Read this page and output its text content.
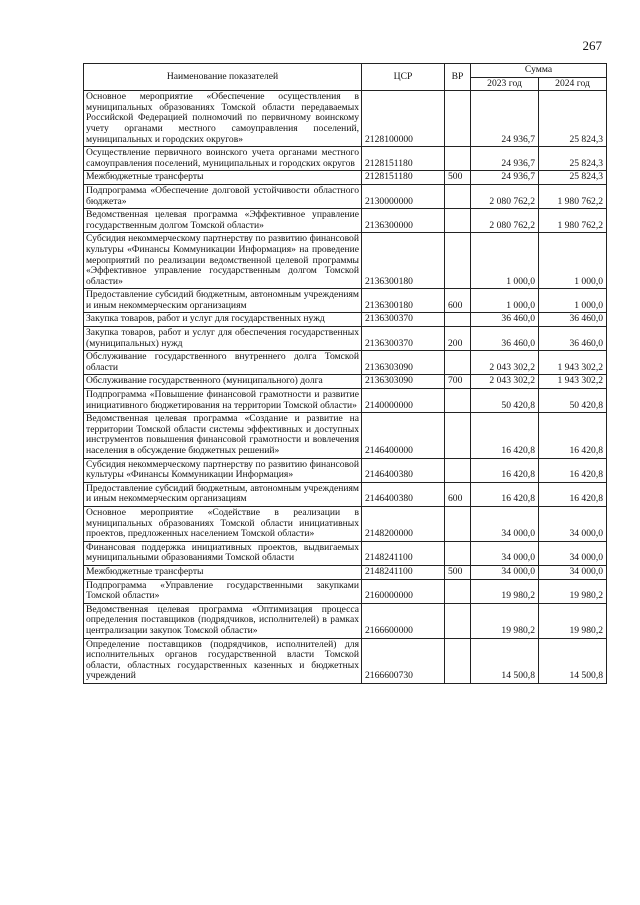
267
Наименование показателей	ЦСР	ВР	Сумма	
			2023 год	2024 год
Основное мероприятие «Обеспечение осуществления в муниципальных образованиях Томской области передаваемых Российской Федерацией полномочий по первичному воинскому учету органами местного самоуправления поселений, муниципальных и городских округов»	2128100000		24 936,7	25 824,3
Осуществление первичного воинского учета органами местного самоуправления поселений, муниципальных и городских округов	2128151180		24 936,7	25 824,3
Межбюджетные трансферты	2128151180	500	24 936,7	25 824,3
Подпрограмма «Обеспечение долговой устойчивости областного бюджета»	2130000000		2 080 762,2	1 980 762,2
Ведомственная целевая программа «Эффективное управление государственным долгом Томской области»	2136300000		2 080 762,2	1 980 762,2
Субсидия некоммерческому партнерству по развитию финансовой культуры «Финансы Коммуникации Информация» на проведение мероприятий по реализации ведомственной целевой программы «Эффективное управление государственным долгом Томской области»	2136300180		1 000,0	1 000,0
Предоставление субсидий бюджетным, автономным учреждениям и иным некоммерческим организациям	2136300180	600	1 000,0	1 000,0
Закупка товаров, работ и услуг для государственных нужд	2136300370		36 460,0	36 460,0
Закупка товаров, работ и услуг для обеспечения государственных (муниципальных) нужд	2136300370	200	36 460,0	36 460,0
Обслуживание государственного внутреннего долга Томской области	2136303090		2 043 302,2	1 943 302,2
Обслуживание государственного (муниципального) долга	2136303090	700	2 043 302,2	1 943 302,2
Подпрограмма «Повышение финансовой грамотности и развитие инициативного бюджетирования на территории Томской области»	2140000000		50 420,8	50 420,8
Ведомственная целевая программа «Создание и развитие на территории Томской области системы эффективных и доступных инструментов повышения финансовой грамотности и вовлечения населения в обсуждение бюджетных решений»	2146400000		16 420,8	16 420,8
Субсидия некоммерческому партнерству по развитию финансовой культуры «Финансы Коммуникации Информация»	2146400380		16 420,8	16 420,8
Предоставление субсидий бюджетным, автономным учреждениям и иным некоммерческим организациям	2146400380	600	16 420,8	16 420,8
Основное мероприятие «Содействие в реализации в муниципальных образованиях Томской области инициативных проектов, предложенных населением Томской области»	2148200000		34 000,0	34 000,0
Финансовая поддержка инициативных проектов, выдвигаемых муниципальными образованиями Томской области	2148241100		34 000,0	34 000,0
Межбюджетные трансферты	2148241100	500	34 000,0	34 000,0
Подпрограмма «Управление государственными закупками Томской области»	2160000000		19 980,2	19 980,2
Ведомственная целевая программа «Оптимизация процесса определения поставщиков (подрядчиков, исполнителей) в рамках централизации закупок Томской области»	2166600000		19 980,2	19 980,2
Определение поставщиков (подрядчиков, исполнителей) для исполнительных органов государственной власти Томской области, областных государственных казенных и бюджетных учреждений	2166600730		14 500,8	14 500,8
